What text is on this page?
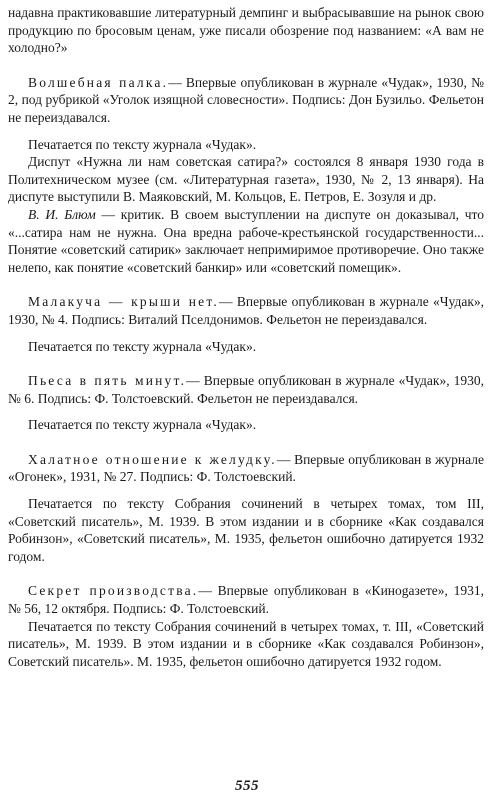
надавна практиковавшие литературный демпинг и выбрасывавшие на рынок свою продукцию по бросовым ценам, уже писали обозрение под названием: «А вам не холодно?»

Волшебная палка.— Впервые опубликован в журнале «Чудак», 1930, № 2, под рубрикой «Уголок изящной словесности». Подпись: Дон Бузильо. Фельетон не переиздавался.

Печатается по тексту журнала «Чудак».

Диспут «Нужна ли нам советская сатира?» состоялся 8 января 1930 года в Политехническом музее (см. «Литературная газета», 1930, № 2, 13 января). На диспуте выступили В. Маяковский, М. Кольцов, Е. Петров, Е. Зозуля и др.

В. И. Блюм — критик. В своем выступлении на диспуте он доказывал, что «...сатира нам не нужна. Она вредна рабоче-крестьянской государственности... Понятие «советский сатирик» заключает непримиримое противоречие. Оно также нелепо, как понятие «советский банкир» или «советский помещик».

Малакуча — крыши нет.— Впервые опубликован в журнале «Чудак», 1930, № 4. Подпись: Виталий Пселдонимов. Фельетон не переиздавался.

Печатается по тексту журнала «Чудак».

Пьеса в пять минут.— Впервые опубликован в журнале «Чудак», 1930, № 6. Подпись: Ф. Толстоевский. Фельетон не переиздавался.

Печатается по тексту журнала «Чудак».

Халатное отношение к желудку.— Впервые опубликован в журнале «Огонек», 1931, № 27. Подпись: Ф. Толстоевский.

Печатается по тексту Собрания сочинений в четырех томах, том III, «Советский писатель», М. 1939. В этом издании и в сборнике «Как создавался Робинзон», «Советский писатель», М. 1935, фельетон ошибочно датируется 1932 годом.

Секрет производства.— Впервые опубликован в «Кинogазете», 1931, № 56, 12 октября. Подпись: Ф. Толстоевский.

Печатается по тексту Собрания сочинений в четырех томах, т. III, «Советский писатель», М. 1939. В этом издании и в сборнике «Как создавался Робинзон», Советский писатель». М. 1935, фельетон ошибочно датируется 1932 годом.

555
